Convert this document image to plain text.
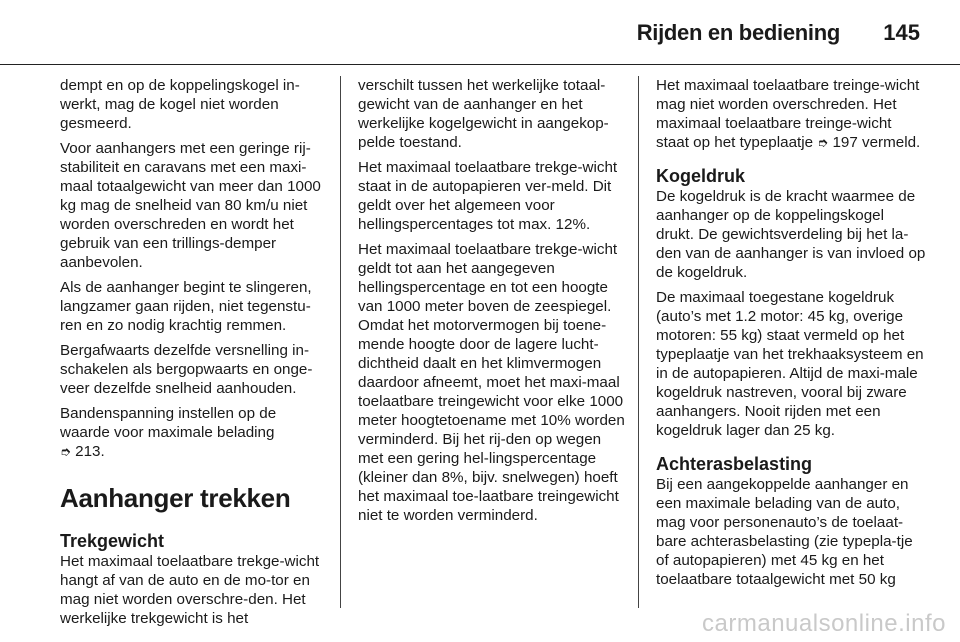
Rijden en bediening 145

dempt en op de koppelingskogel in-werkt, mag de kogel niet worden gesmeerd.

Voor aanhangers met een geringe rij-stabiliteit en caravans met een maxi-maal totaalgewicht van meer dan 1000 kg mag de snelheid van 80 km/u niet worden overschreden en wordt het gebruik van een trillings-demper aanbevolen.

Als de aanhanger begint te slingeren, langzamer gaan rijden, niet tegenstu-ren en zo nodig krachtig remmen.

Bergafwaarts dezelfde versnelling in-schakelen als bergopwaarts en onge-veer dezelfde snelheid aanhouden.

Bandenspanning instellen op de waarde voor maximale belading
➮ 213.

Aanhanger trekken
Trekgewicht

Het maximaal toelaatbare trekge-wicht hangt af van de auto en de mo-tor en mag niet worden overschre-den. Het werkelijke trekgewicht is het

verschilt tussen het werkelijke totaal-gewicht van de aanhanger en het werkelijke kogelgewicht in aangekop-pelde toestand.

Het maximaal toelaatbare trekge-wicht staat in de autopapieren ver-meld. Dit geldt over het algemeen voor hellingspercentages tot max. 12%.

Het maximaal toelaatbare trekge-wicht geldt tot aan het aangegeven hellingspercentage en tot een hoogte van 1000 meter boven de zeespiegel. Omdat het motorvermogen bij toene-mende hoogte door de lagere lucht-dichtheid daalt en het klimvermogen daardoor afneemt, moet het maxi-maal toelaatbare treingewicht voor elke 1000 meter hoogtetoename met 10% worden verminderd. Bij het rij-den op wegen met een gering hel-lingspercentage (kleiner dan 8%, bijv. snelwegen) hoeft het maximaal toe-laatbare treingewicht niet te worden verminderd.

Het maximaal toelaatbare treinge-wicht mag niet worden overschreden. Het maximaal toelaatbare treinge-wicht staat op het typeplaatje ➮ 197 vermeld.

Kogeldruk

De kogeldruk is de kracht waarmee de aanhanger op de koppelingskogel drukt. De gewichtsverdeling bij het la-den van de aanhanger is van invloed op de kogeldruk.

De maximaal toegestane kogeldruk (auto’s met 1.2 motor: 45 kg, overige motoren: 55 kg) staat vermeld op het typeplaatje van het trekhaaksysteem en in de autopapieren. Altijd de maxi-male kogeldruk nastreven, vooral bij zware aanhangers. Nooit rijden met een kogeldruk lager dan 25 kg.

Achterasbelasting

Bij een aangekoppelde aanhanger en een maximale belading van de auto, mag voor personenauto’s de toelaat-bare achterasbelasting (zie typepla-tje of autopapieren) met 45 kg en het toelaatbare totaalgewicht met 50 kg

carmanualsonline.info
